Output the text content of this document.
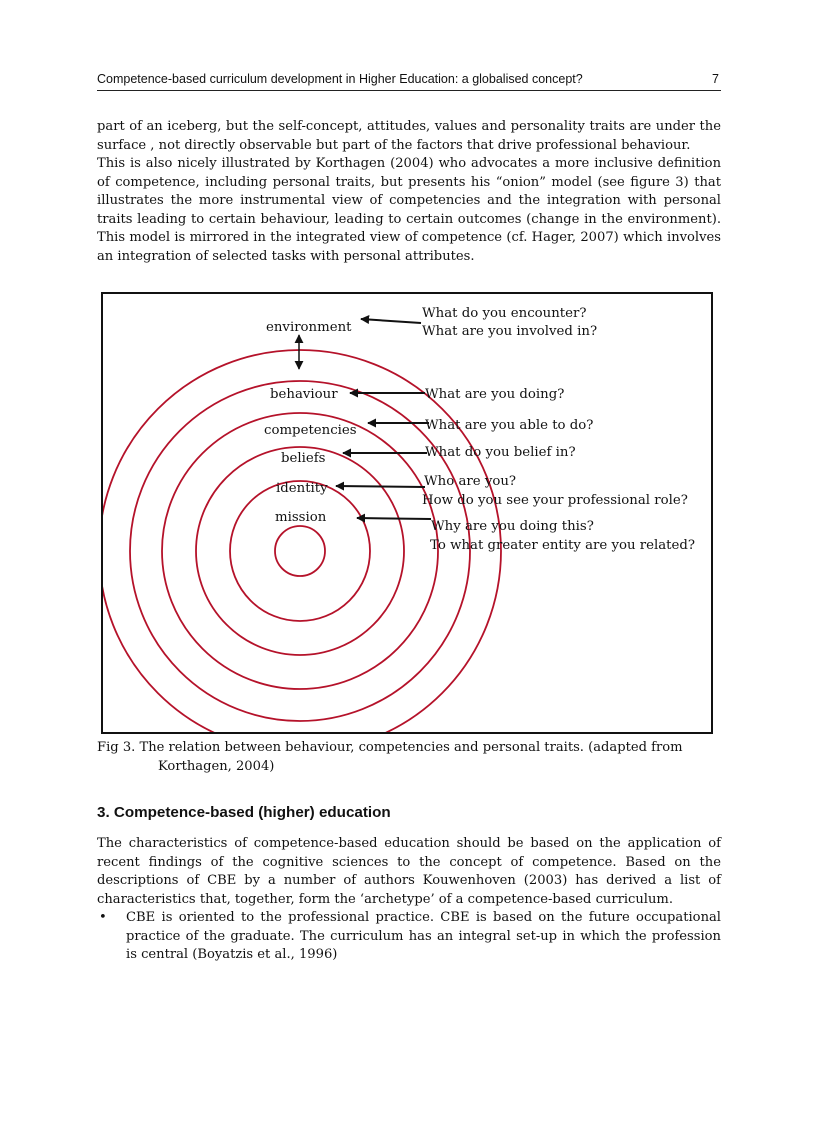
Competence-based curriculum development in Higher Education: a globalised concept?	7

part of an iceberg, but the self-concept, attitudes, values and personality traits are under the surface , not directly observable but part of the factors that drive professional behaviour.

This is also nicely illustrated by Korthagen (2004) who advocates a more inclusive definition of competence, including personal traits, but presents his “onion” model (see figure 3) that illustrates the more instrumental view of competencies and the integration with personal traits leading to certain behaviour, leading to certain outcomes (change in the environment). This model is mirrored in the integrated view of competence (cf. Hager, 2007) which involves an integration of selected tasks with personal attributes.

environment
behaviour
competencies
beliefs
identity
mission
What do you encounter?
What are you involved in?
What are you doing?
What are you able to do?
What do you belief in?
Who are you?
How do you see your professional role?
Why are you doing this?
To what greater entity are you related?

Fig 3. The relation between behaviour, competencies and personal traits. (adapted from
Korthagen, 2004)

3. Competence-based (higher) education

The characteristics of competence-based education should be based on the application of recent findings of the cognitive sciences to the concept of competence. Based on the descriptions of CBE by a number of authors Kouwenhoven (2003) has derived a list of characteristics that, together, form the ‘archetype’ of a competence-based curriculum.

• CBE is oriented to the professional practice. CBE is based on the future occupational practice of the graduate. The curriculum has an integral set-up in which the profession is central (Boyatzis et al., 1996)
